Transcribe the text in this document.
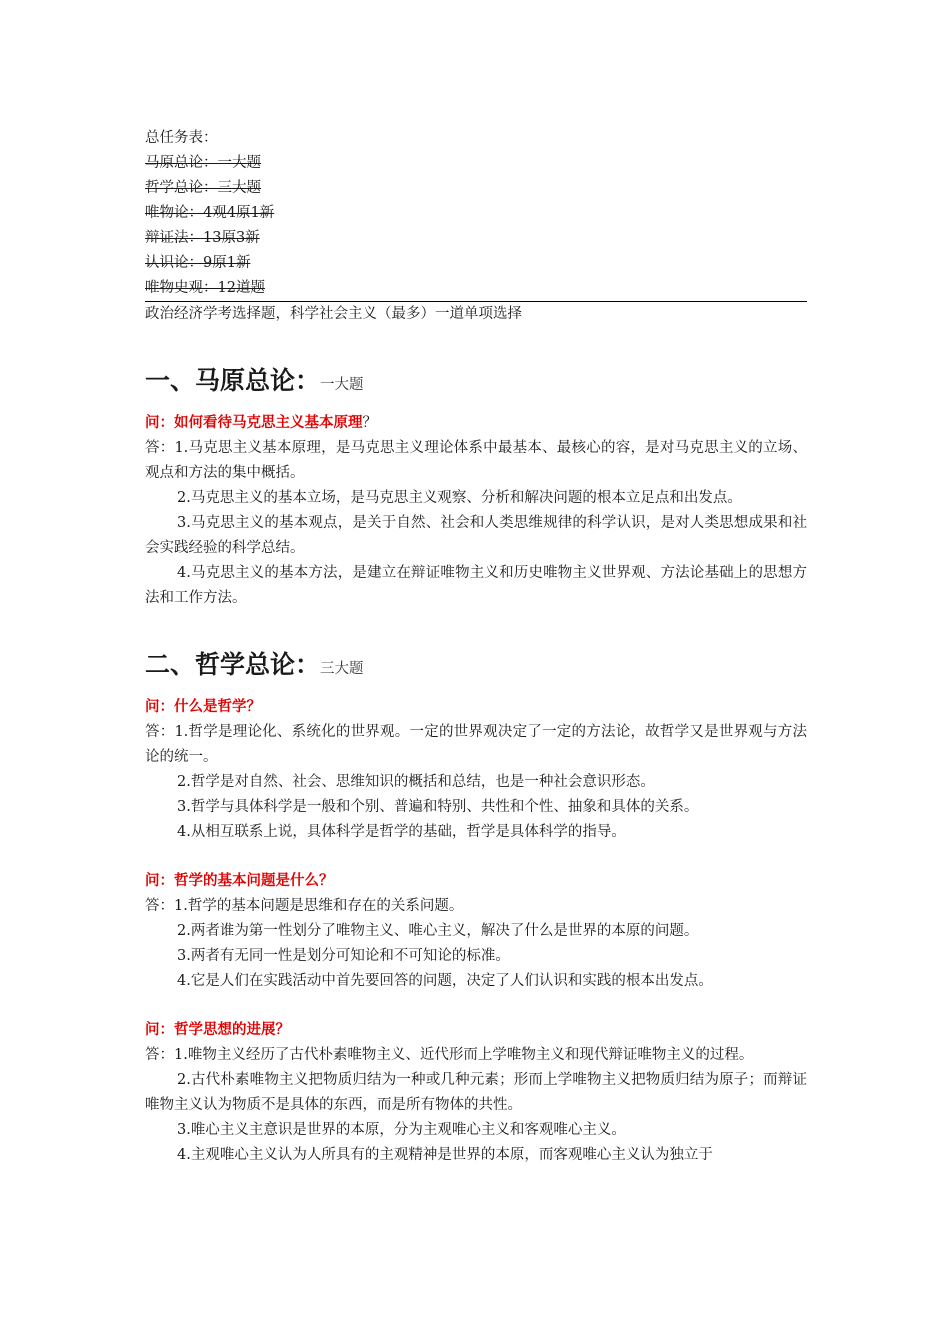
总任务表：
马原总论：一大题
哲学总论：三大题
唯物论：4观4原1新
辩证法：13原3新
认识论：9原1新
唯物史观：12道题
政治经济学考选择题，科学社会主义（最多）一道单项选择
一、马原总论：一大题
问：如何看待马克思主义基本原理？
答：1.马克思主义基本原理，是马克思主义理论体系中最基本、最核心的容，是对马克思主义的立场、观点和方法的集中概括。
2.马克思主义的基本立场，是马克思主义观察、分析和解决问题的根本立足点和出发点。
3.马克思主义的基本观点，是关于自然、社会和人类思维规律的科学认识，是对人类思想成果和社会实践经验的科学总结。
4.马克思主义的基本方法，是建立在辩证唯物主义和历史唯物主义世界观、方法论基础上的思想方法和工作方法。
二、哲学总论：三大题
问：什么是哲学？
答：1.哲学是理论化、系统化的世界观。一定的世界观决定了一定的方法论，故哲学又是世界观与方法论的统一。
2.哲学是对自然、社会、思维知识的概括和总结，也是一种社会意识形态。
3.哲学与具体科学是一般和个别、普遍和特别、共性和个性、抽象和具体的关系。
4.从相互联系上说，具体科学是哲学的基础，哲学是具体科学的指导。
问：哲学的基本问题是什么？
答：1.哲学的基本问题是思维和存在的关系问题。
2.两者谁为第一性划分了唯物主义、唯心主义，解决了什么是世界的本原的问题。
3.两者有无同一性是划分可知论和不可知论的标准。
4.它是人们在实践活动中首先要回答的问题，决定了人们认识和实践的根本出发点。
问：哲学思想的进展？
答：1.唯物主义经历了古代朴素唯物主义、近代形而上学唯物主义和现代辩证唯物主义的过程。
2.古代朴素唯物主义把物质归结为一种或几种元素；形而上学唯物主义把物质归结为原子；而辩证唯物主义认为物质不是具体的东西，而是所有物体的共性。
3.唯心主义主意识是世界的本原，分为主观唯心主义和客观唯心主义。
4.主观唯心主义认为人所具有的主观精神是世界的本原，而客观唯心主义认为独立于
